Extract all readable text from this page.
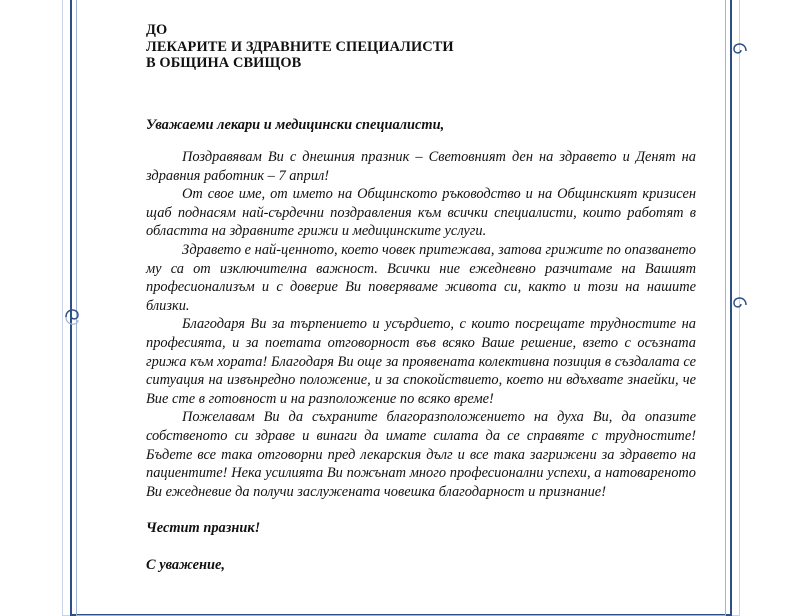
ДО

ЛЕКАРИТЕ И ЗДРАВНИТЕ СПЕЦИАЛИСТИ

В ОБЩИНА СВИЩОВ

Уважаеми лекари и медицински специалисти,

Поздравявам Ви с днешния празник – Световният ден на здравето и Денят на здравния работник – 7 април!

От свое име, от името на Общинското ръководство и на Общинският кризисен щаб поднасям най-сърдечни поздравления към всички специалисти, които работят в областта на здравните грижи и медицинските услуги.

Здравето е най-ценното, което човек притежава, затова грижите по опазването му са от изключителна важност. Всички ние ежедневно разчитаме на Вашият професионализъм и с доверие Ви поверяваме живота си, както и този на нашите близки.

Благодаря Ви за търпението и усърдието, с които посрещате трудностите на професията, и за поетата отговорност във всяко Ваше решение, взето с осъзната грижа към хората! Благодаря Ви още за проявената колективна позиция в създалата се ситуация на извънредно положение, и за спокойствието, което ни вдъхвате знаейки, че Вие сте в готовност и на разположение по всяко време!

Пожелавам Ви да съхраните благоразположението на духа Ви, да опазите собственото си здраве и винаги да имате силата да се справяте с трудностите! Бъдете все така отговорни пред лекарския дълг и все така загрижени за здравето на пациентите! Нека усилията Ви пожънат много професионални успехи, а натовареното Ви ежедневие да получи заслужената човешка благодарност и признание!

Честит празник!

С уважение,
